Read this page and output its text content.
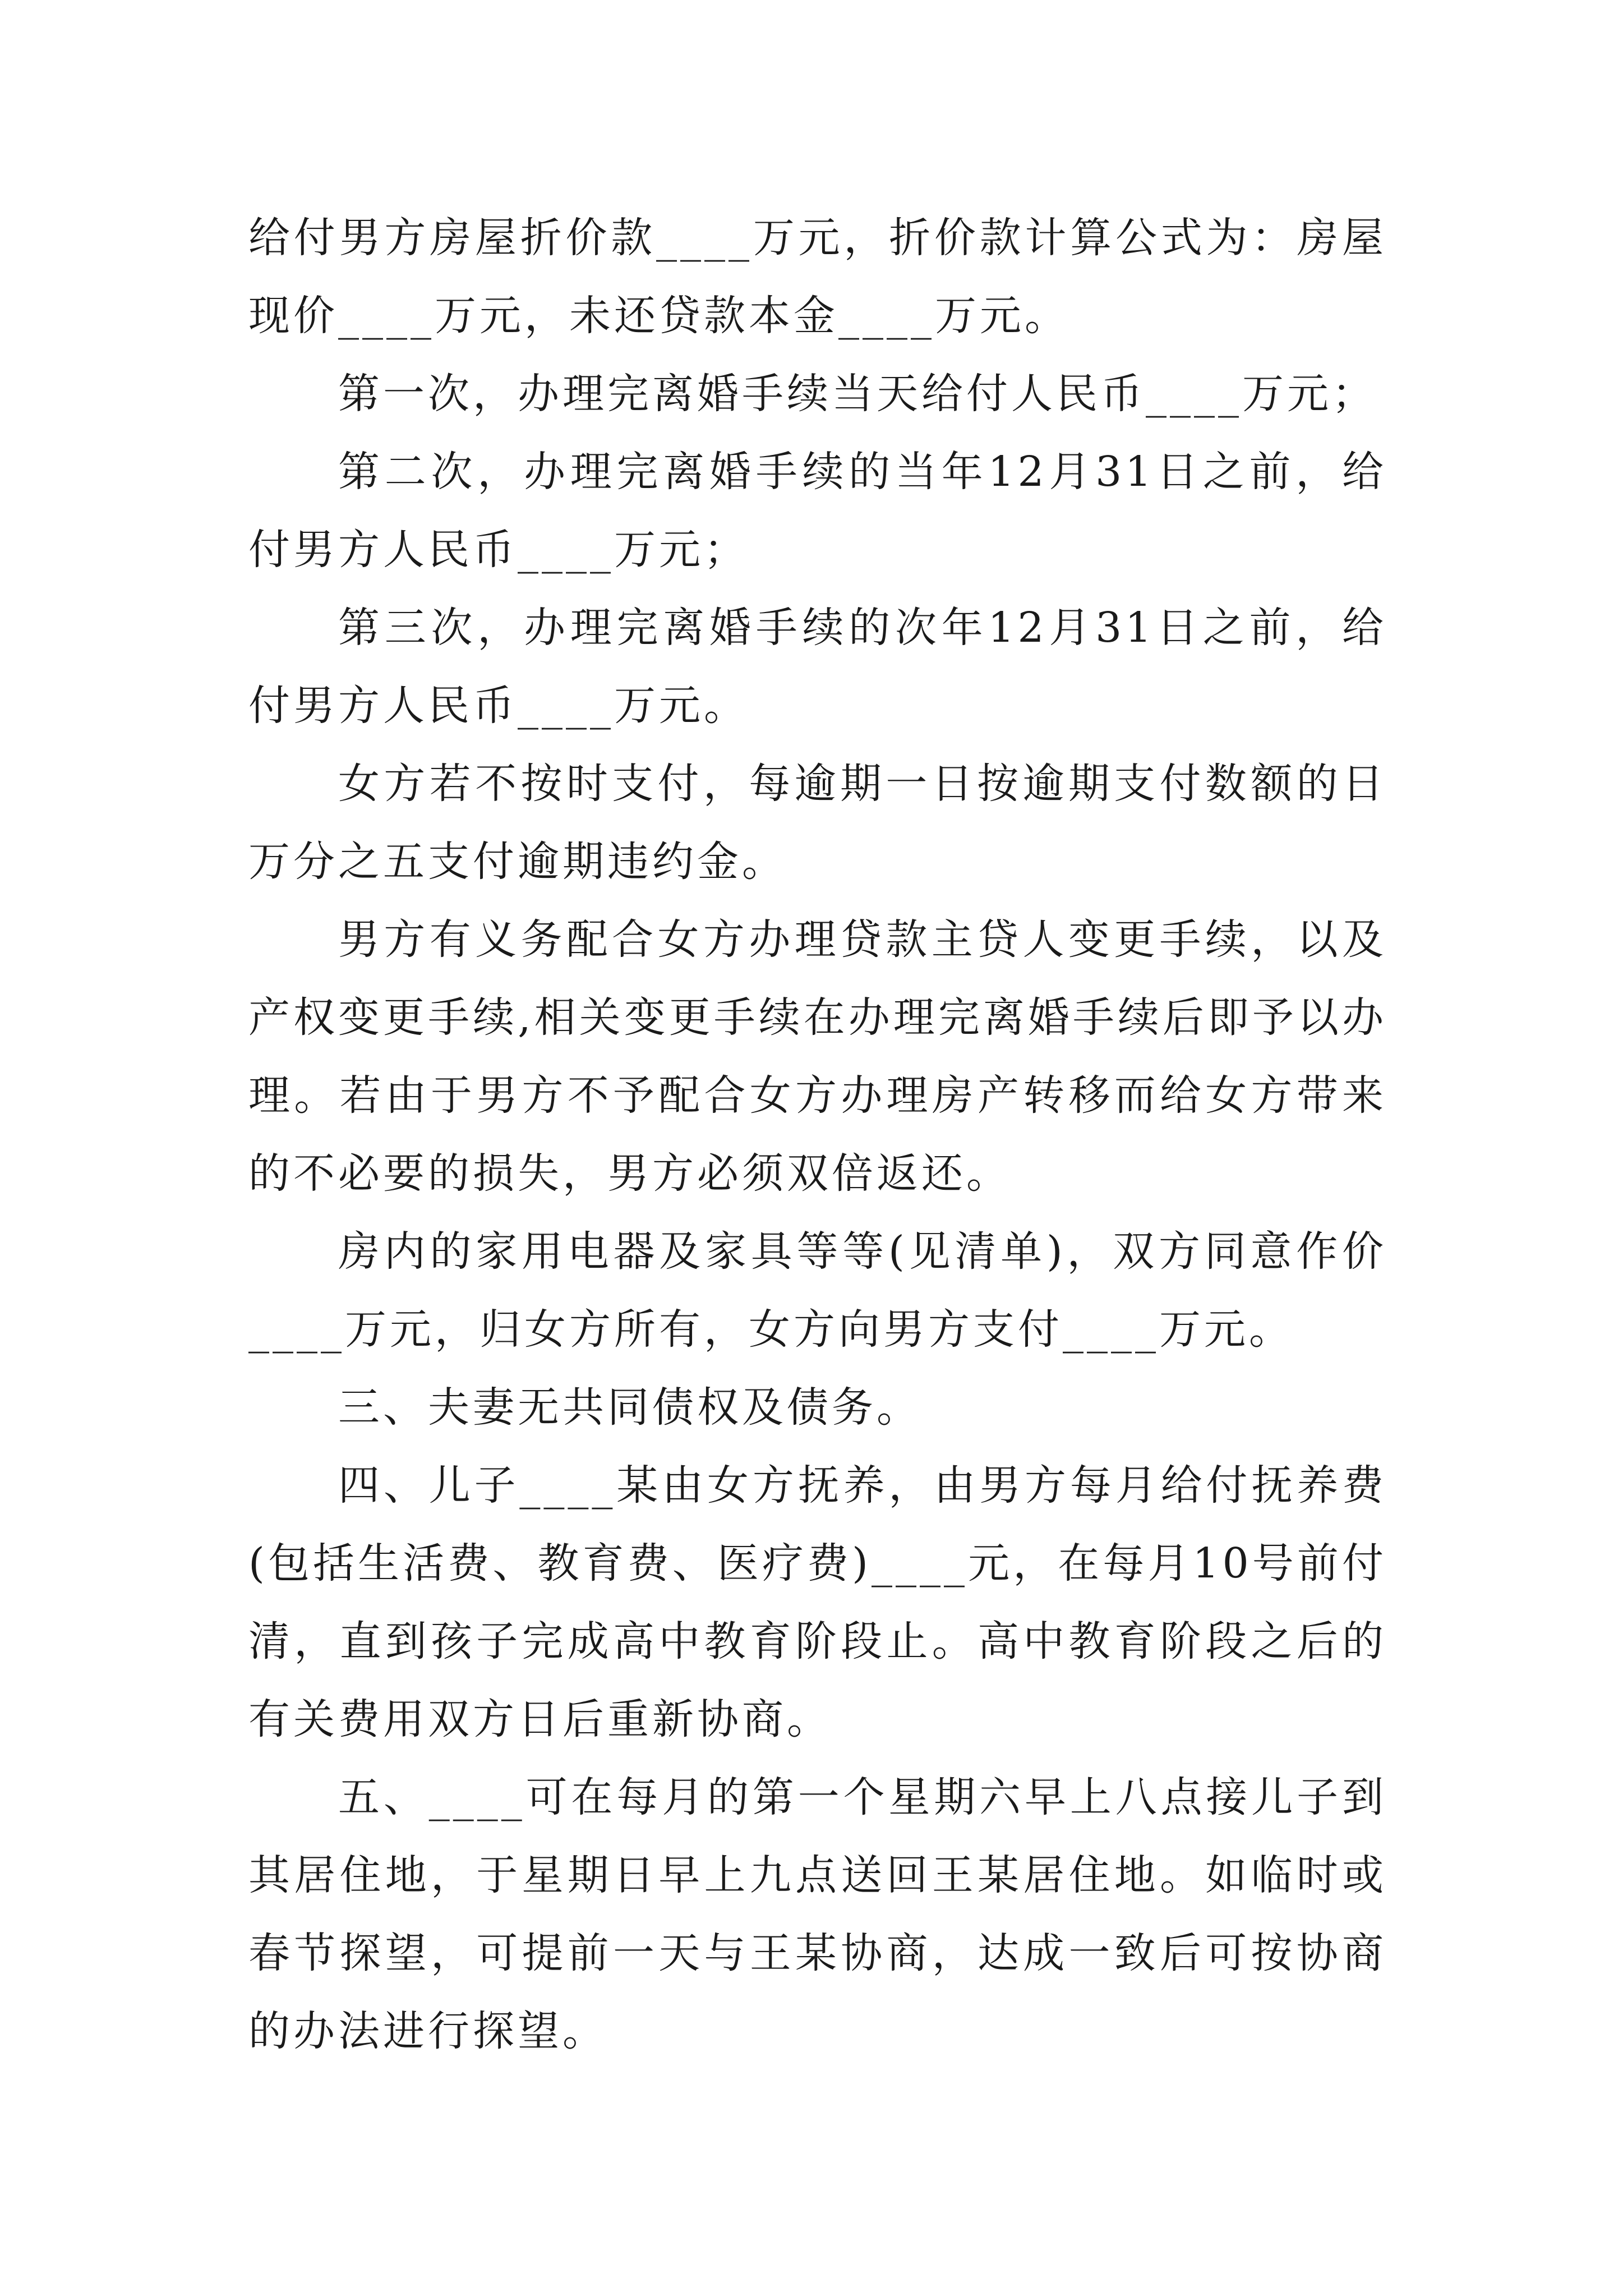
给付男方房屋折价款____万元，折价款计算公式为：房屋现价____万元，未还贷款本金____万元。

第一次，办理完离婚手续当天给付人民币____万元；

第二次，办理完离婚手续的当年12月31日之前，给付男方人民币____万元；

第三次，办理完离婚手续的次年12月31日之前，给付男方人民币____万元。

女方若不按时支付，每逾期一日按逾期支付数额的日万分之五支付逾期违约金。

男方有义务配合女方办理贷款主贷人变更手续，以及产权变更手续,相关变更手续在办理完离婚手续后即予以办理。若由于男方不予配合女方办理房产转移而给女方带来的不必要的损失，男方必须双倍返还。

房内的家用电器及家具等等(见清单)，双方同意作价____万元，归女方所有，女方向男方支付____万元。

三、夫妻无共同债权及债务。

四、儿子____某由女方抚养，由男方每月给付抚养费(包括生活费、教育费、医疗费)____元，在每月10号前付清，直到孩子完成高中教育阶段止。高中教育阶段之后的有关费用双方日后重新协商。

五、____可在每月的第一个星期六早上八点接儿子到其居住地，于星期日早上九点送回王某居住地。如临时或春节探望，可提前一天与王某协商，达成一致后可按协商的办法进行探望。
